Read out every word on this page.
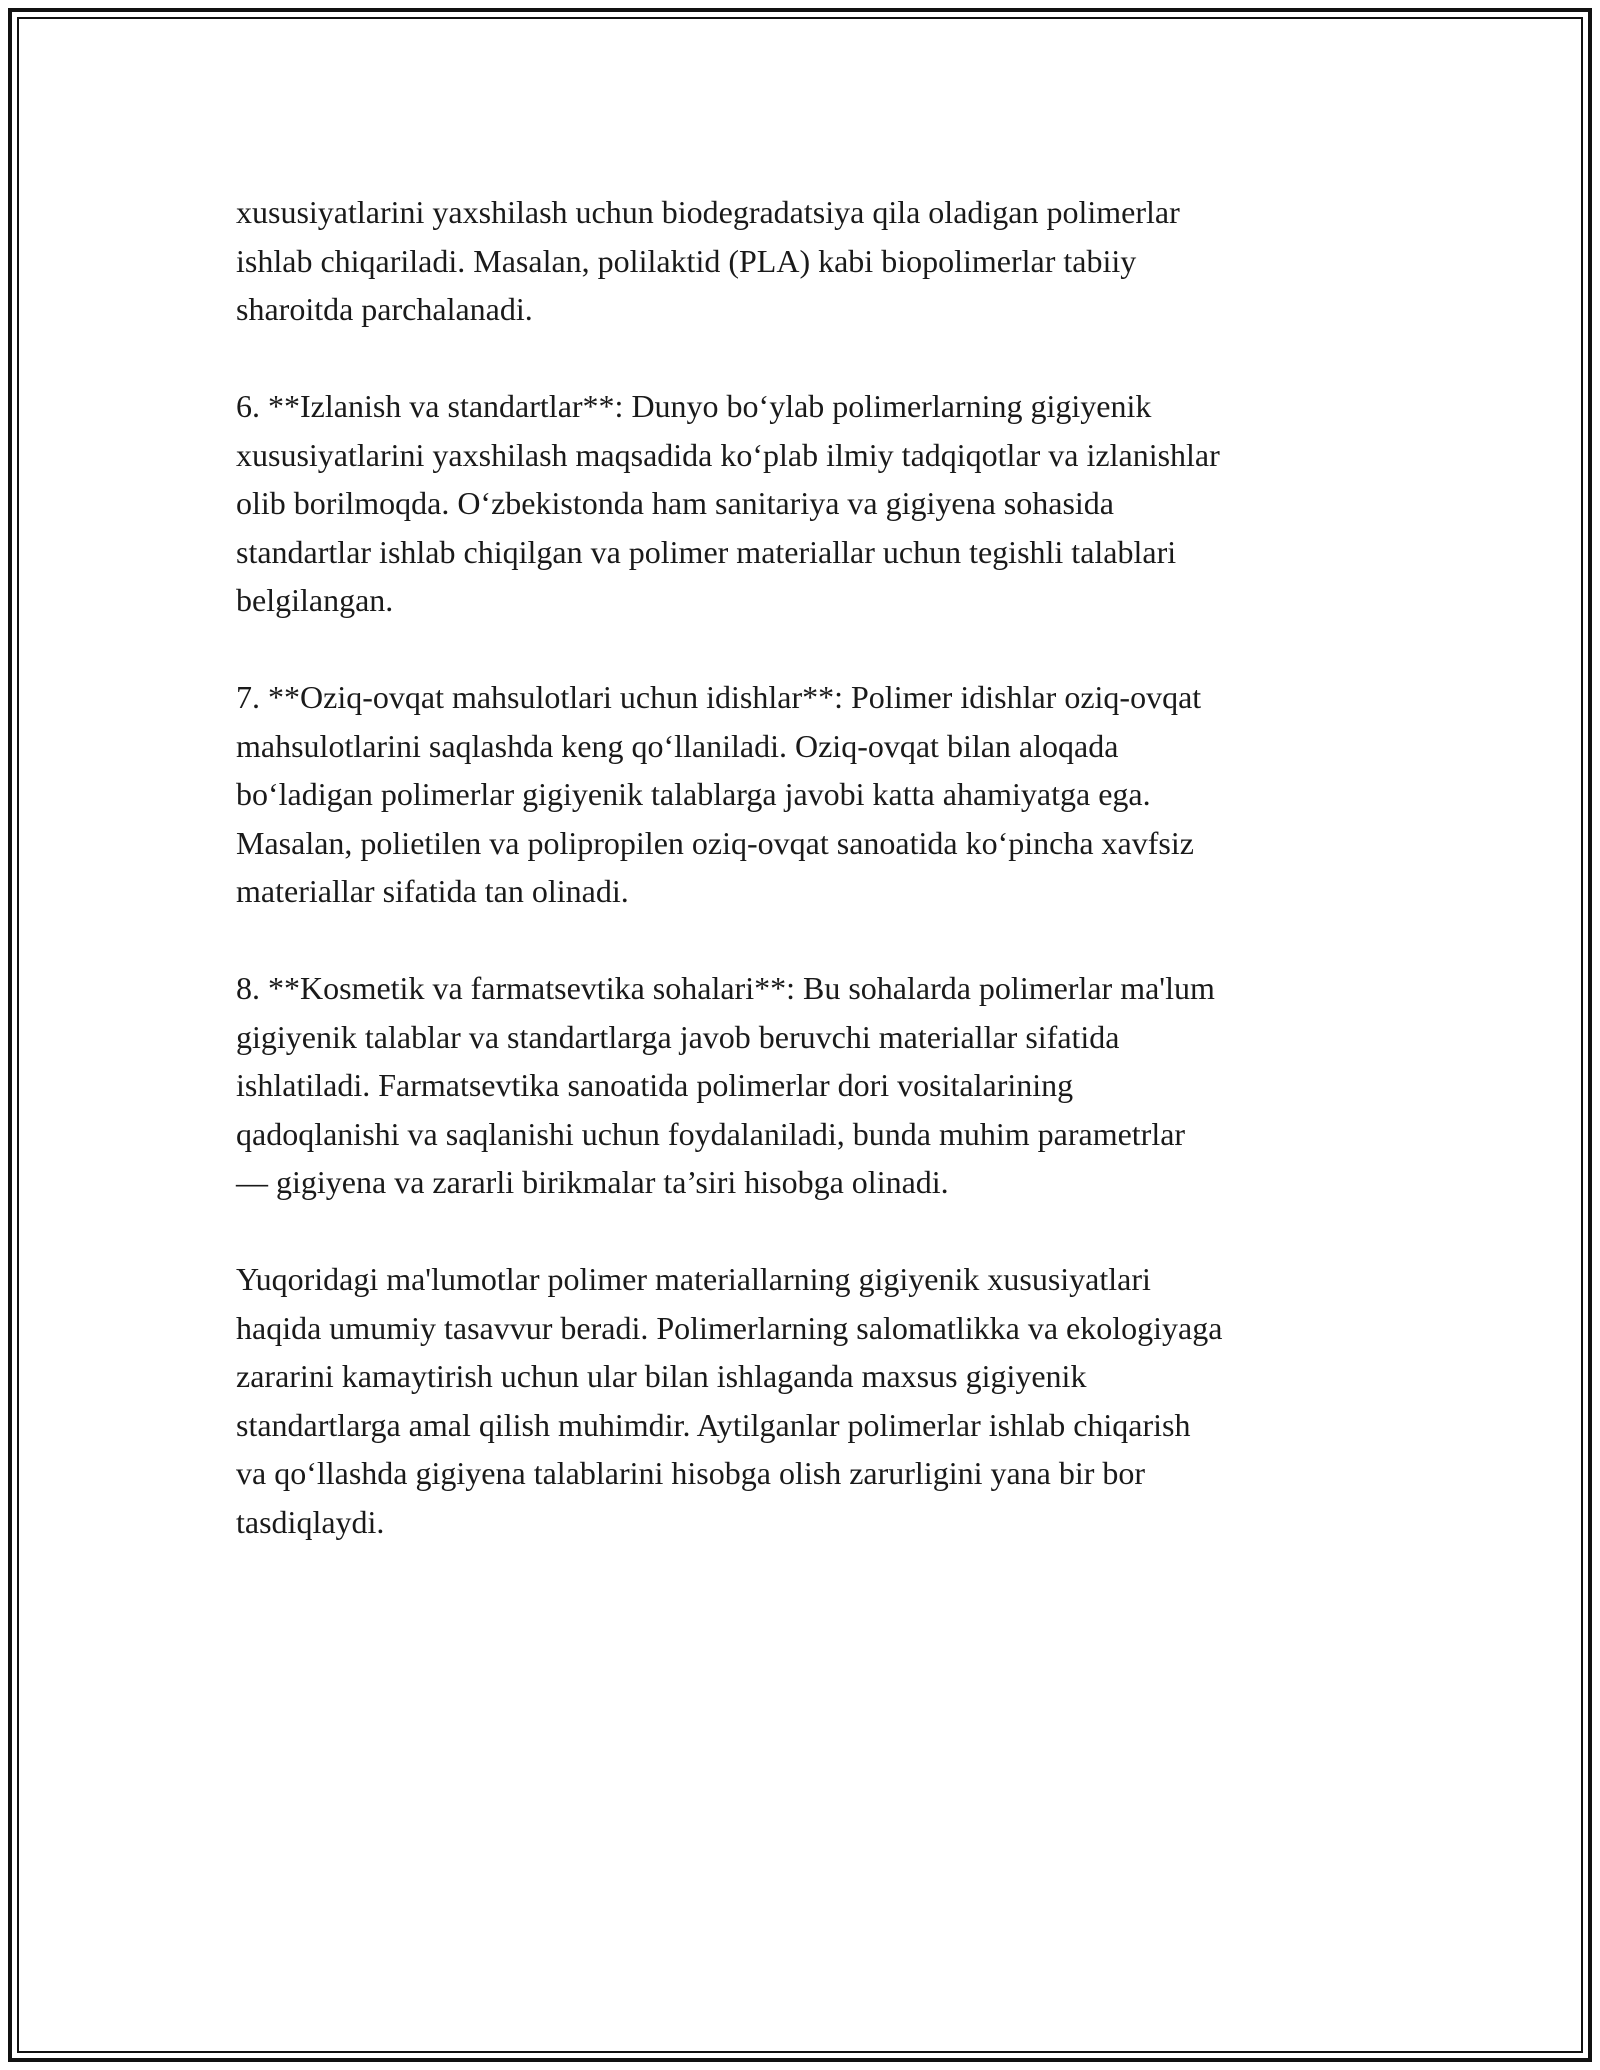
xususiyatlarini yaxshilash uchun biodegradatsiya qila oladigan polimerlar
ishlab chiqariladi. Masalan, polilaktid (PLA) kabi biopolimerlar tabiiy
sharoitda parchalanadi.

6. **Izlanish va standartlar**: Dunyo bo‘ylab polimerlarning gigiyenik
xususiyatlarini yaxshilash maqsadida ko‘plab ilmiy tadqiqotlar va izlanishlar
olib borilmoqda. O‘zbekistonda ham sanitariya va gigiyena sohasida
standartlar ishlab chiqilgan va polimer materiallar uchun tegishli talablari
belgilangan.

7. **Oziq-ovqat mahsulotlari uchun idishlar**: Polimer idishlar oziq-ovqat
mahsulotlarini saqlashda keng qo‘llaniladi. Oziq-ovqat bilan aloqada
bo‘ladigan polimerlar gigiyenik talablarga javobi katta ahamiyatga ega.
Masalan, polietilen va polipropilen oziq-ovqat sanoatida ko‘pincha xavfsiz
materiallar sifatida tan olinadi.

8. **Kosmetik va farmatsevtika sohalari**: Bu sohalarda polimerlar ma'lum
gigiyenik talablar va standartlarga javob beruvchi materiallar sifatida
ishlatiladi. Farmatsevtika sanoatida polimerlar dori vositalarining
qadoqlanishi va saqlanishi uchun foydalaniladi, bunda muhim parametrlar
— gigiyena va zararli birikmalar ta’siri hisobga olinadi.

Yuqoridagi ma'lumotlar polimer materiallarning gigiyenik xususiyatlari
haqida umumiy tasavvur beradi. Polimerlarning salomatlikka va ekologiyaga
zararini kamaytirish uchun ular bilan ishlaganda maxsus gigiyenik
standartlarga amal qilish muhimdir. Aytilganlar polimerlar ishlab chiqarish
va qo‘llashda gigiyena talablarini hisobga olish zarurligini yana bir bor
tasdiqlaydi.
